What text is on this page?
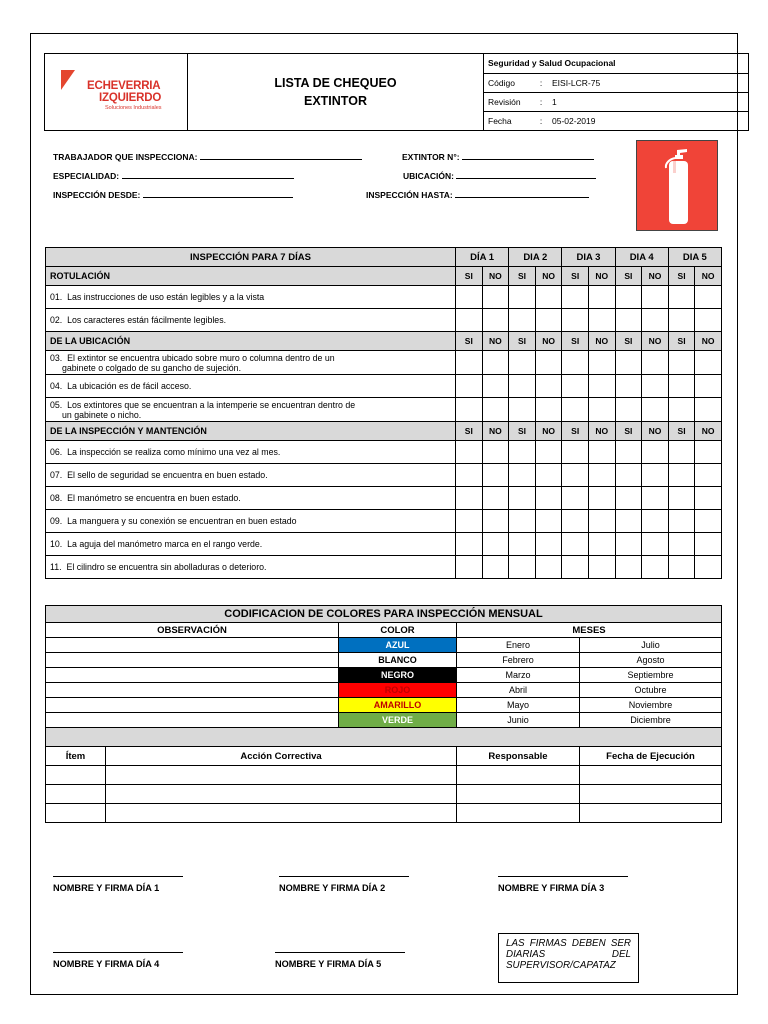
ECHEVERRIA
IZQUIERDO
Soluciones Industriales

LISTA DE CHEQUEO
EXTINTOR

Seguridad y Salud Ocupacional
Código	:	EISI-LCR-75
Revisión	:	1
Fecha	:	05-02-2019
TRABAJADOR QUE INSPECCIONA:
ESPECIALIDAD:
INSPECCIÓN DESDE:
EXTINTOR N°:
UBICACIÓN:
INSPECCIÓN HASTA:
INSPECCIÓN PARA 7 DÍAS	DÍA 1		DIA 2		DIA 3		DIA 4		DIA 5	
ROTULACIÓN	SI	NO	SI	NO	SI	NO	SI	NO	SI	NO
01. Las instrucciones de uso están legibles y a la vista										
02. Los caracteres están fácilmente legibles.										
DE LA UBICACIÓN	SI	NO	SI	NO	SI	NO	SI	NO	SI	NO
03. El extintor se encuentra ubicado sobre muro o columna dentro de un
gabinete o colgado de su gancho de sujeción.										

04. La ubicación es de fácil acceso.										
05. Los extintores que se encuentran a la intemperie se encuentran dentro de
un gabinete o nicho.										

DE LA INSPECCIÓN Y MANTENCIÓN	SI	NO	SI	NO	SI	NO	SI	NO	SI	NO
06. La inspección se realiza como mínimo una vez al mes.										
07. El sello de seguridad se encuentra en buen estado.										
08. El manómetro se encuentra en buen estado.										
09. La manguera y su conexión se encuentran en buen estado										
10. La aguja del manómetro marca en el rango verde.										
11. El cilindro se encuentra sin abolladuras o deterioro.										
CODIFICACION DE COLORES PARA INSPECCIÓN MENSUAL				
OBSERVACIÓN		COLOR	MESES	
		AZUL	Enero	Julio
		BLANCO	Febrero	Agosto
		NEGRO	Marzo	Septiembre
		ROJO	Abril	Octubre
		AMARILLO	Mayo	Noviembre
		VERDE	Junio	Diciembre

Ítem	Acción Correctiva		Responsable	Fecha de Ejecución

NOMBRE Y FIRMA DÍA 1	NOMBRE Y FIRMA DÍA 2	NOMBRE Y FIRMA DÍA 3
NOMBRE Y FIRMA DÍA 4	NOMBRE Y FIRMA DÍA 5
LAS FIRMAS DEBEN SER DIARIAS DEL SUPERVISOR/CAPATAZ
